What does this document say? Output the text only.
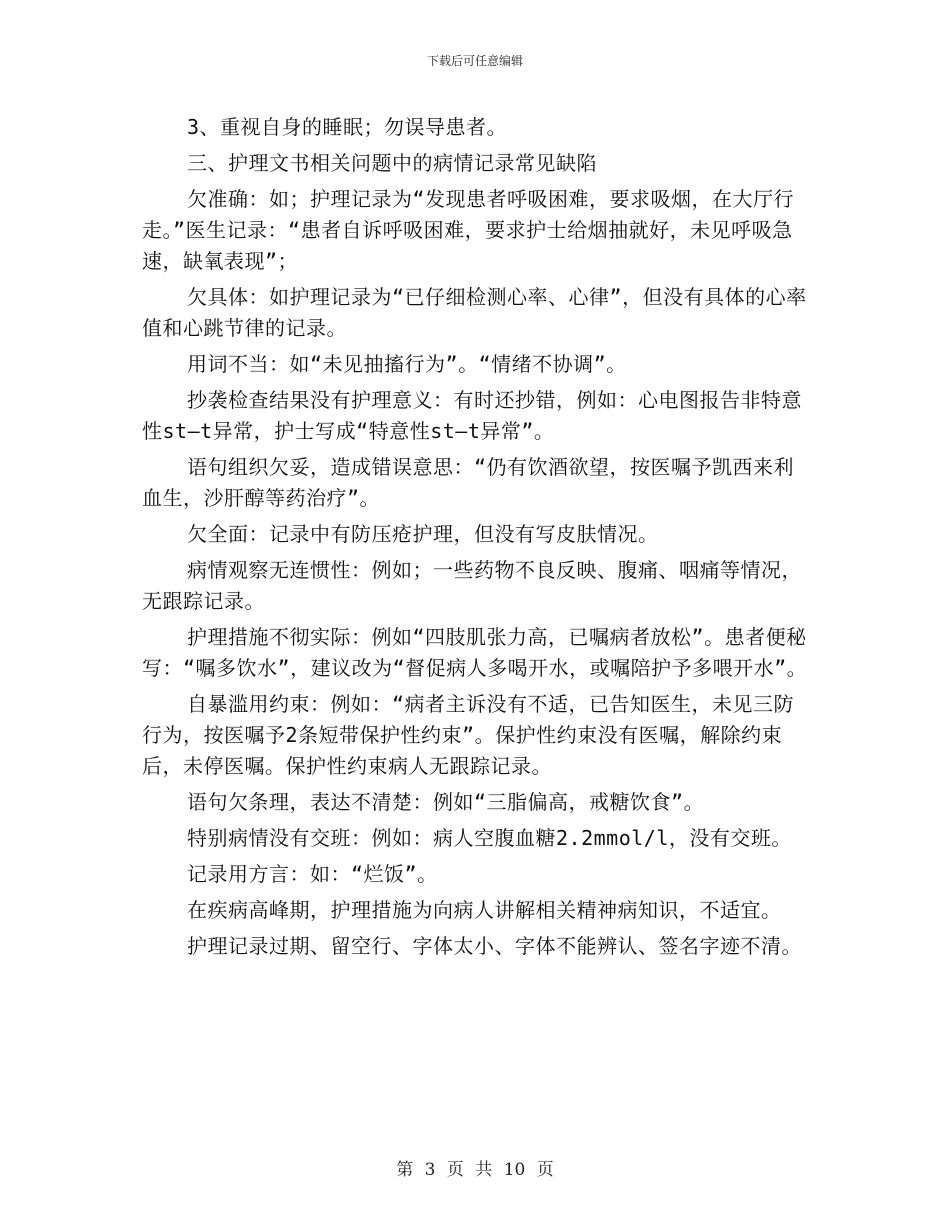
下载后可任意编辑

3、重视自身的睡眠；勿误导患者。

三、护理文书相关问题中的病情记录常见缺陷

欠准确：如；护理记录为“发现患者呼吸困难，要求吸烟，在大厅行走。”医生记录：“患者自诉呼吸困难，要求护士给烟抽就好，未见呼吸急速，缺氧表现”；

欠具体：如护理记录为“已仔细检测心率、心律”，但没有具体的心率值和心跳节律的记录。

用词不当：如“未见抽搐行为”。“情绪不协调”。

抄袭检查结果没有护理意义：有时还抄错，例如：心电图报告非特意性st—t异常，护士写成“特意性st—t异常”。

语句组织欠妥，造成错误意思：“仍有饮酒欲望，按医嘱予凯西来利血生，沙肝醇等药治疗”。

欠全面：记录中有防压疮护理，但没有写皮肤情况。

病情观察无连惯性：例如；一些药物不良反映、腹痛、咽痛等情况，无跟踪记录。

护理措施不彻实际：例如“四肢肌张力高，已嘱病者放松”。患者便秘写：“嘱多饮水”，建议改为“督促病人多喝开水，或嘱陪护予多喂开水”。

自暴滥用约束：例如：“病者主诉没有不适，已告知医生，未见三防行为，按医嘱予2条短带保护性约束”。保护性约束没有医嘱，解除约束后，未停医嘱。保护性约束病人无跟踪记录。

语句欠条理，表达不清楚：例如“三脂偏高，戒糖饮食”。

特别病情没有交班：例如：病人空腹血糖2.2mmol/l，没有交班。

记录用方言：如：“烂饭”。

在疾病高峰期，护理措施为向病人讲解相关精神病知识，不适宜。

护理记录过期、留空行、字体太小、字体不能辨认、签名字迹不清。

第 3 页 共 10 页
